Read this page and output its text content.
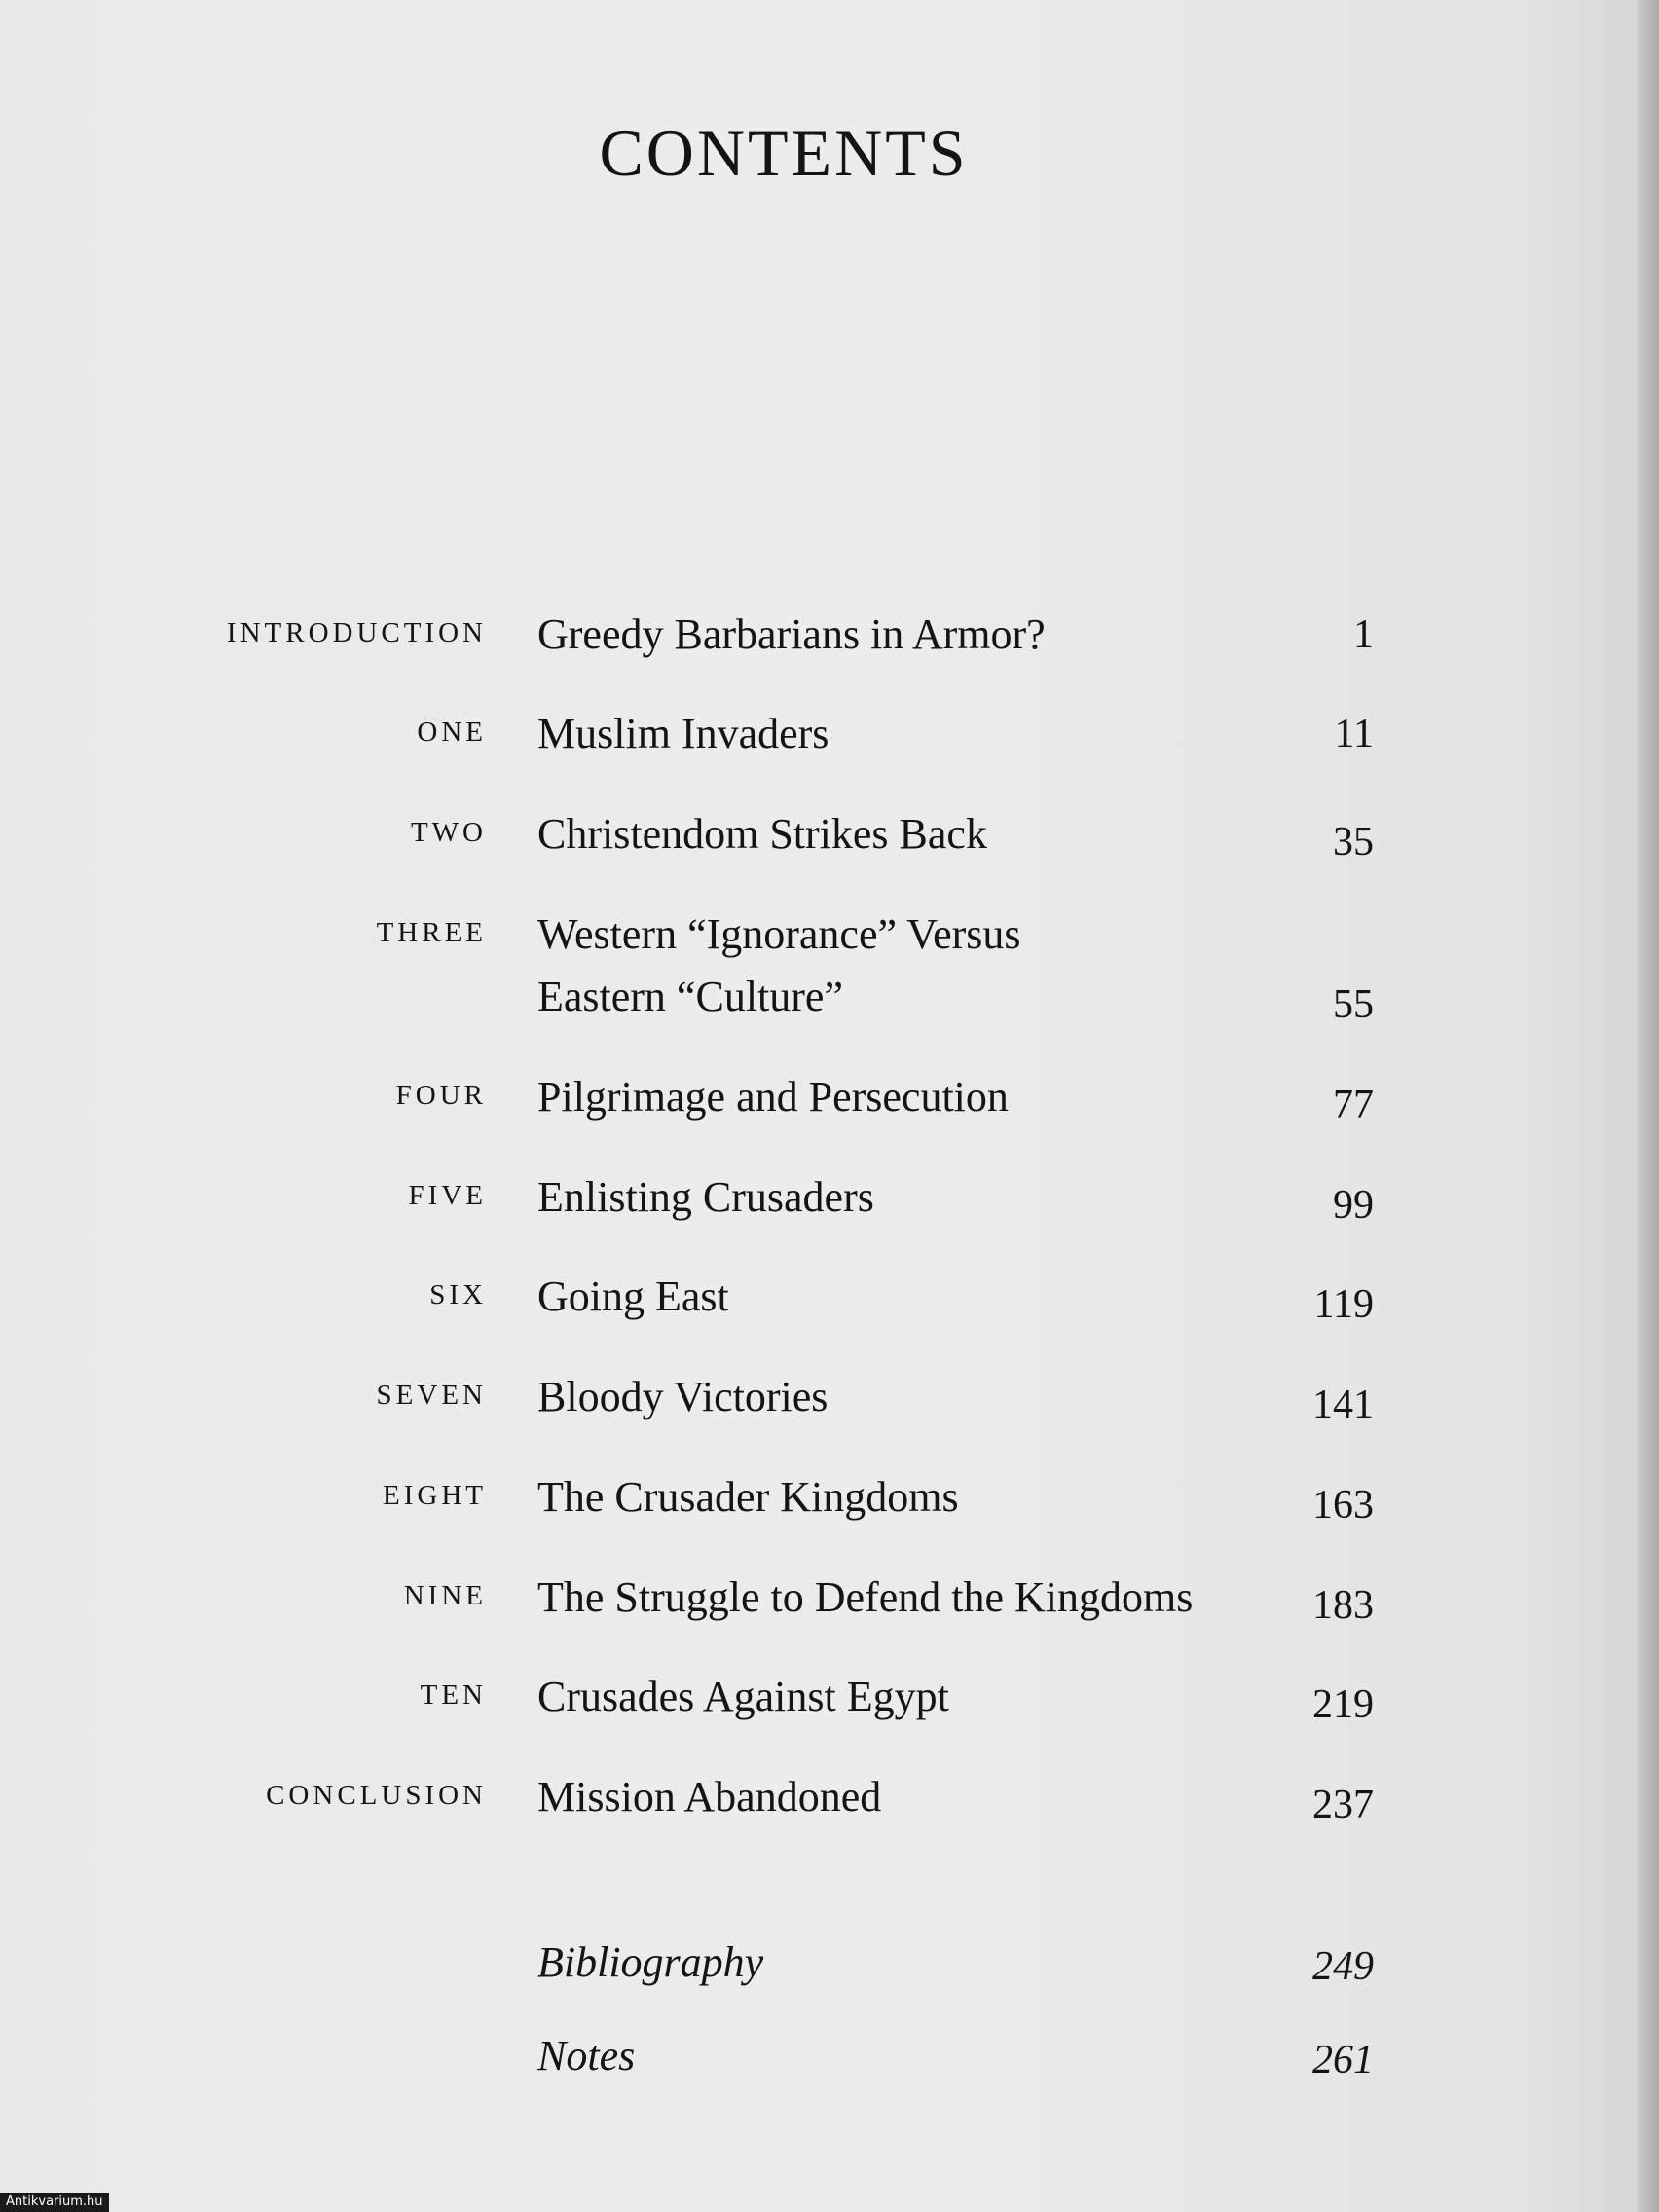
CONTENTS
INTRODUCTION Greedy Barbarians in Armor?	1
ONE Muslim Invaders	11
TWO Christendom Strikes Back	35
THREE Western “Ignorance” Versus
Eastern “Culture”	55
FOUR Pilgrimage and Persecution	77
FIVE Enlisting Crusaders	99
SIX Going East	119
SEVEN Bloody Victories	141
EIGHT The Crusader Kingdoms	163
NINE The Struggle to Defend the Kingdoms	183
TEN Crusades Against Egypt	219
CONCLUSION Mission Abandoned	237
Bibliography	249
Notes	261
Antikvarium.hu
